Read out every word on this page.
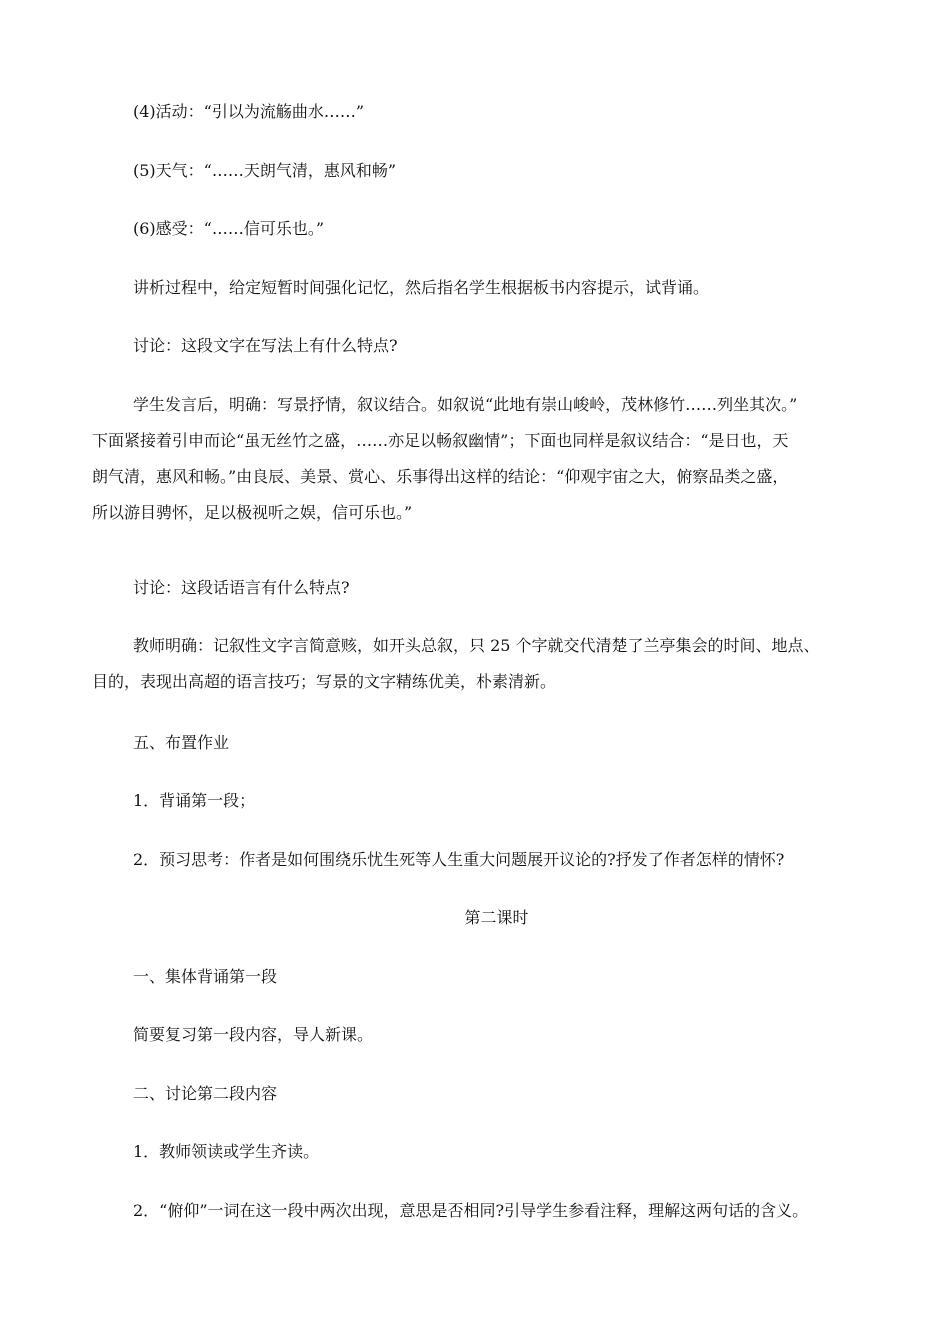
(4)活动：“引以为流觞曲水……”

(5)天气：“……天朗气清，惠风和畅”

(6)感受：“……信可乐也。”

讲析过程中，给定短暂时间强化记忆，然后指名学生根据板书内容提示，试背诵。

讨论：这段文字在写法上有什么特点?

学生发言后，明确：写景抒情，叙议结合。如叙说“此地有崇山峻岭，茂林修竹……列坐其次。”
下面紧接着引申而论“虽无丝竹之盛，……亦足以畅叙幽情”；下面也同样是叙议结合：“是日也，天
朗气清，惠风和畅。”由良辰、美景、赏心、乐事得出这样的结论：“仰观宇宙之大，俯察品类之盛，
所以游目骋怀，足以极视听之娱，信可乐也。”

讨论：这段话语言有什么特点?

教师明确：记叙性文字言简意赅，如开头总叙，只 25 个字就交代清楚了兰亭集会的时间、地点、
目的，表现出高超的语言技巧；写景的文字精练优美，朴素清新。

五、布置作业

1．背诵第一段；

2．预习思考：作者是如何围绕乐忧生死等人生重大问题展开议论的?抒发了作者怎样的情怀?

第二课时

一、集体背诵第一段

简要复习第一段内容，导人新课。

二、讨论第二段内容

1．教师领读或学生齐读。

2．“俯仰”一词在这一段中两次出现，意思是否相同?引导学生参看注释，理解这两句话的含义。
